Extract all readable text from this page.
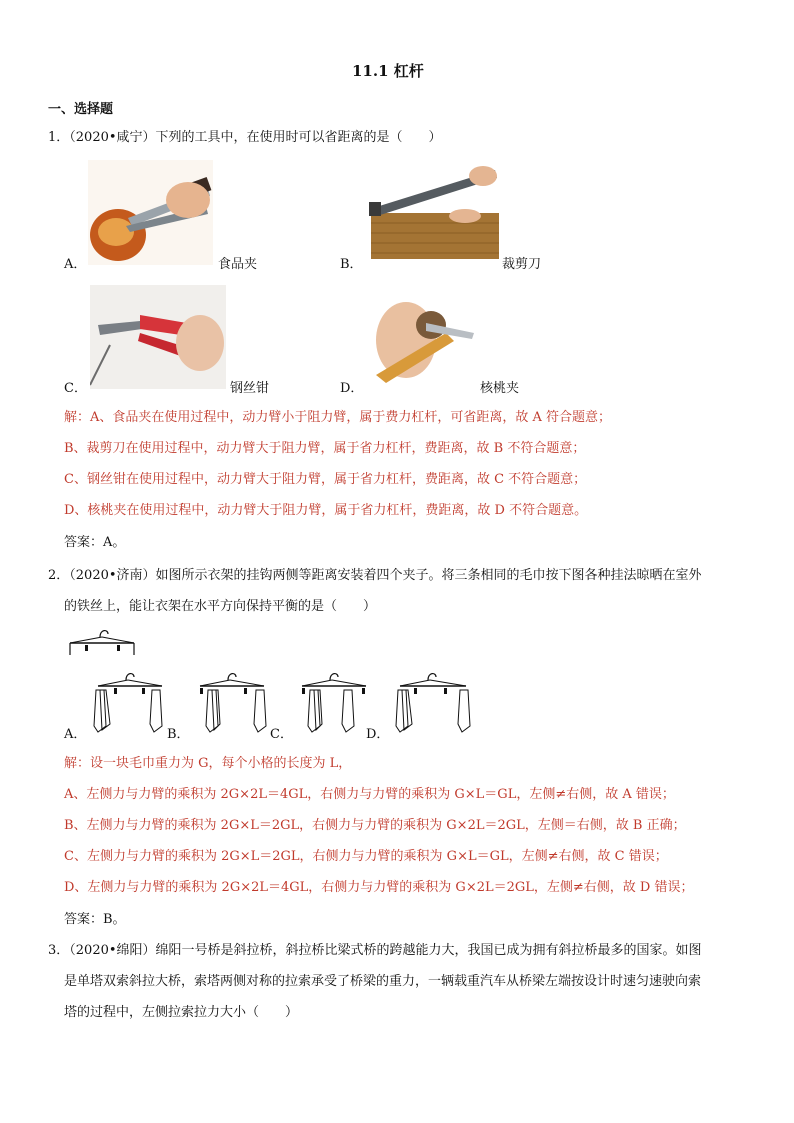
11.1 杠杆
一、选择题
1．（2020•咸宁）下列的工具中，在使用时可以省距离的是（　　）
A．	食品夹	B．	裁剪刀
C．	钢丝钳	D．	核桃夹
解：A、食品夹在使用过程中，动力臂小于阻力臂，属于费力杠杆，可省距离，故 A 符合题意；
B、裁剪刀在使用过程中，动力臂大于阻力臂，属于省力杠杆，费距离，故 B 不符合题意；
C、钢丝钳在使用过程中，动力臂大于阻力臂，属于省力杠杆，费距离，故 C 不符合题意；
D、核桃夹在使用过程中，动力臂大于阻力臂，属于省力杠杆，费距离，故 D 不符合题意。
答案：A。
2．（2020•济南）如图所示衣架的挂钩两侧等距离安装着四个夹子。将三条相同的毛巾按下图各种挂法晾晒在室外
的铁丝上，能让衣架在水平方向保持平衡的是（　　）
A．	B．	C．	D．
解：设一块毛巾重力为 G，每个小格的长度为 L，
A、左侧力与力臂的乘积为 2G×2L＝4GL，右侧力与力臂的乘积为 G×L＝GL，左侧≠右侧，故 A 错误；
B、左侧力与力臂的乘积为 2G×L＝2GL，右侧力与力臂的乘积为 G×2L＝2GL，左侧＝右侧，故 B 正确；
C、左侧力与力臂的乘积为 2G×L＝2GL，右侧力与力臂的乘积为 G×L＝GL，左侧≠右侧，故 C 错误；
D、左侧力与力臂的乘积为 2G×2L＝4GL，右侧力与力臂的乘积为 G×2L＝2GL，左侧≠右侧，故 D 错误；
答案：B。
3．（2020•绵阳）绵阳一号桥是斜拉桥，斜拉桥比梁式桥的跨越能力大，我国已成为拥有斜拉桥最多的国家。如图
是单塔双索斜拉大桥，索塔两侧对称的拉索承受了桥梁的重力，一辆载重汽车从桥梁左端按设计时速匀速驶向索
塔的过程中，左侧拉索拉力大小（　　）
